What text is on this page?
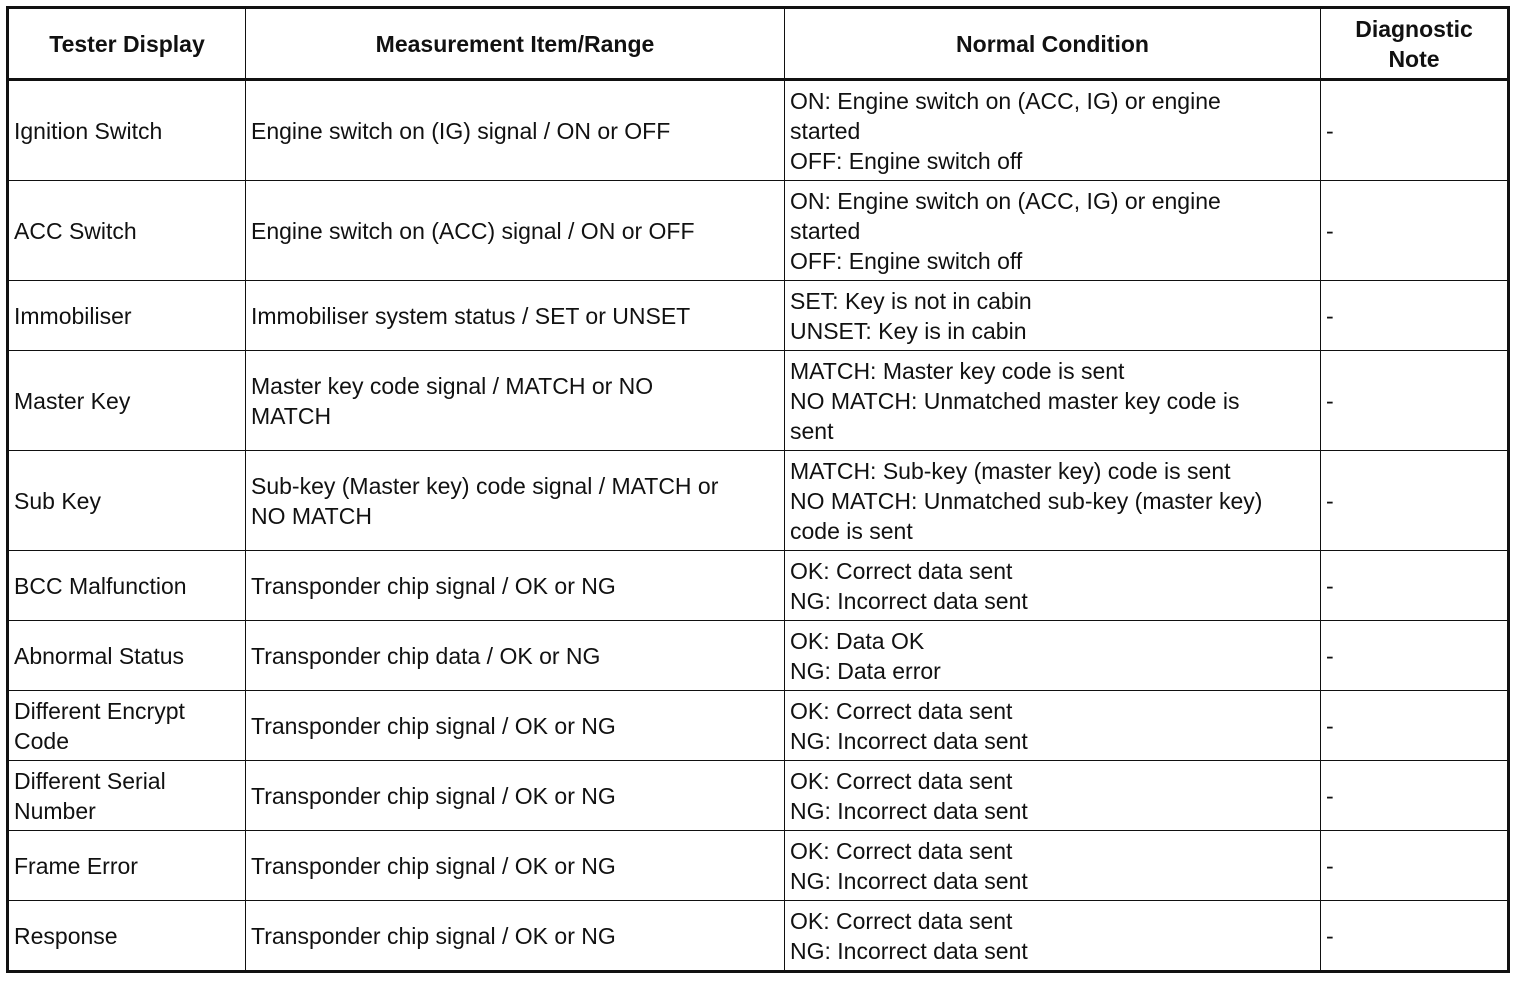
Tester Display	Measurement Item/Range	Normal Condition	Diagnostic
Note

Ignition Switch	Engine switch on (IG) signal / ON or OFF	ON: Engine switch on (ACC, IG) or engine
started
OFF: Engine switch off	-

ACC Switch	Engine switch on (ACC) signal / ON or OFF	ON: Engine switch on (ACC, IG) or engine
started
OFF: Engine switch off	-

Immobiliser	Immobiliser system status / SET or UNSET	SET: Key is not in cabin
UNSET: Key is in cabin	-

Master Key	Master key code signal / MATCH or NO
MATCH	MATCH: Master key code is sent
NO MATCH: Unmatched master key code is
sent	-

Sub Key	Sub-key (Master key) code signal / MATCH or
NO MATCH	MATCH: Sub-key (master key) code is sent
NO MATCH: Unmatched sub-key (master key)
code is sent	-

BCC Malfunction	Transponder chip signal / OK or NG	OK: Correct data sent
NG: Incorrect data sent	-

Abnormal Status	Transponder chip data / OK or NG	OK: Data OK
NG: Data error	-

Different Encrypt
Code	Transponder chip signal / OK or NG	OK: Correct data sent
NG: Incorrect data sent	-

Different Serial
Number	Transponder chip signal / OK or NG	OK: Correct data sent
NG: Incorrect data sent	-

Frame Error	Transponder chip signal / OK or NG	OK: Correct data sent
NG: Incorrect data sent	-

Response	Transponder chip signal / OK or NG	OK: Correct data sent
NG: Incorrect data sent	-
